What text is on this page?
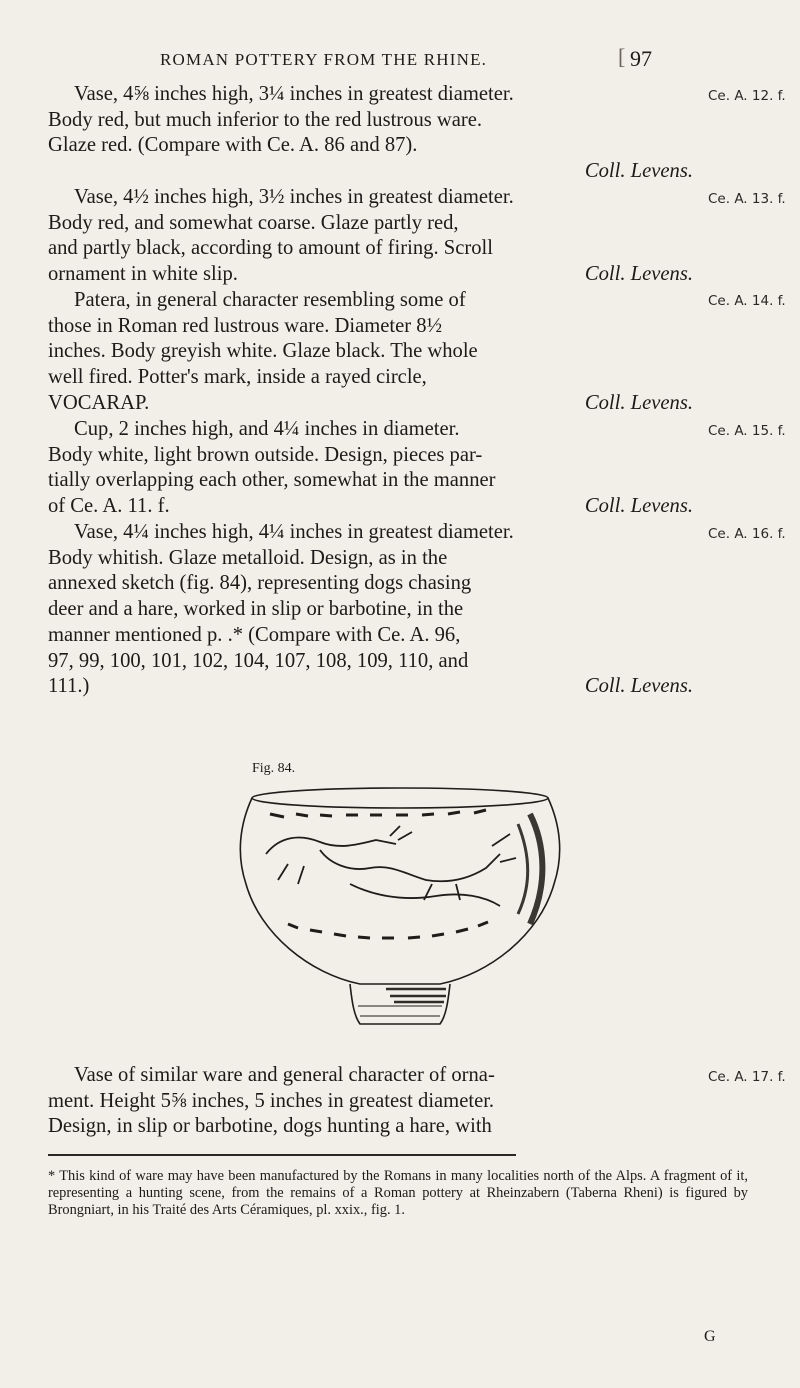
ROMAN POTTERY FROM THE RHINE.	[ 97

Vase, 4⅝ inches high, 3¼ inches in greatest diameter.
Body red, but much inferior to the red lustrous ware.
Glaze red. (Compare with Ce. A. 86 and 87).
Coll. Levens.

Ce. A. 12. f.

Vase, 4½ inches high, 3½ inches in greatest diameter.
Body red, and somewhat coarse. Glaze partly red,
and partly black, according to amount of firing. Scroll
ornament in white slip.	Coll. Levens.

Ce. A. 13. f.

Patera, in general character resembling some of
those in Roman red lustrous ware. Diameter 8½
inches. Body greyish white. Glaze black. The whole
well fired. Potter's mark, inside a rayed circle,
VOCARAP.	Coll. Levens.

Ce. A. 14. f.

Cup, 2 inches high, and 4¼ inches in diameter.
Body white, light brown outside. Design, pieces par-
tially overlapping each other, somewhat in the manner
of Ce. A. 11. f.	Coll. Levens.

Ce. A. 15. f.

Vase, 4¼ inches high, 4¼ inches in greatest diameter.
Body whitish. Glaze metalloid. Design, as in the
annexed sketch (fig. 84), representing dogs chasing
deer and a hare, worked in slip or barbotine, in the
manner mentioned p. .* (Compare with Ce. A. 96,
97, 99, 100, 101, 102, 104, 107, 108, 109, 110, and
111.)	Coll. Levens.

Ce. A. 16. f.
Fig. 84.

Vase of similar ware and general character of orna-
ment. Height 5⅝ inches, 5 inches in greatest diameter.
Design, in slip or barbotine, dogs hunting a hare, with

Ce. A. 17. f.
* This kind of ware may have been manufactured by the Romans in many localities north of the Alps. A fragment of it, representing a hunting scene, from the remains of a Roman pottery at Rheinzabern (Taberna Rheni) is figured by Brongniart, in his Traité des Arts Céramiques, pl. xxix., fig. 1.
G
